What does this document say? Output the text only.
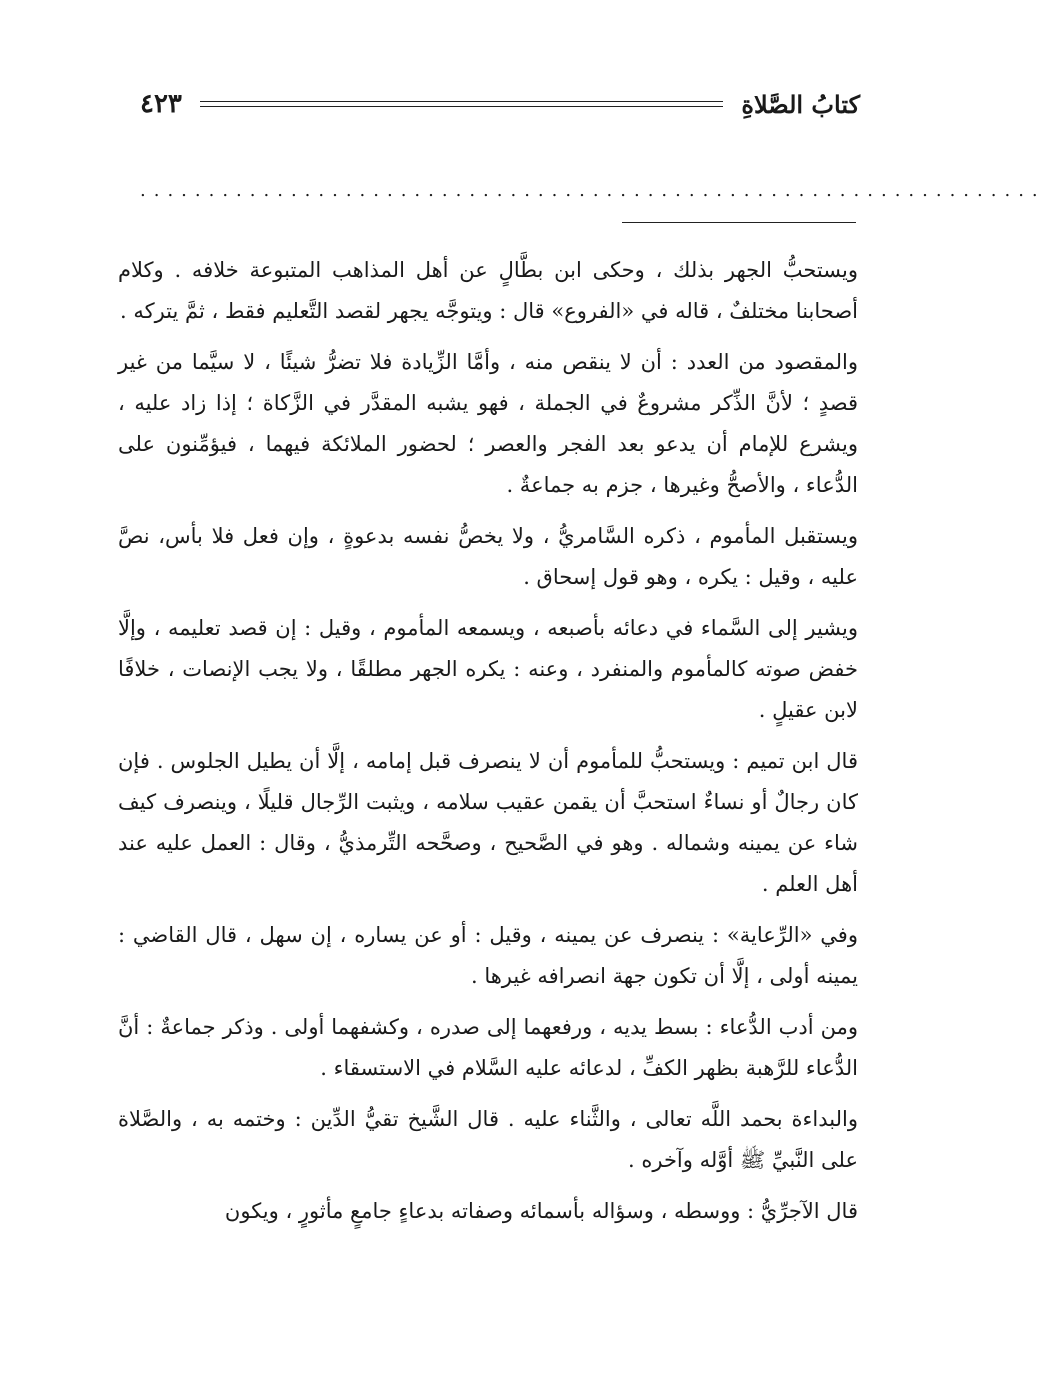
كتابُ الصَّلاةِ
٤٢٣
..................................................................

ويستحبُّ الجهر بذلك ، وحكى ابن بطَّالٍ عن أهل المذاهب المتبوعة خلافه . وكلام أصحابنا مختلفٌ ، قاله في «الفروع» قال : ويتوجَّه يجهر لقصد التَّعليم فقط ، ثمَّ يتركه .

والمقصود من العدد : أن لا ينقص منه ، وأمَّا الزِّيادة فلا تضرُّ شيئًا ، لا سيَّما من غير قصدٍ ؛ لأنَّ الذِّكر مشروعٌ في الجملة ، فهو يشبه المقدَّر في الزَّكاة ؛ إذا زاد عليه ، ويشرع للإمام أن يدعو بعد الفجر والعصر ؛ لحضور الملائكة فيهما ، فيؤمِّنون على الدُّعاء ، والأصحُّ وغيرها ، جزم به جماعةٌ .

ويستقبل المأموم ، ذكره السَّامريُّ ، ولا يخصُّ نفسه بدعوةٍ ، وإن فعل فلا بأس، نصَّ عليه ، وقيل : يكره ، وهو قول إسحاق .

ويشير إلى السَّماء في دعائه بأصبعه ، ويسمعه المأموم ، وقيل : إن قصد تعليمه ، وإلَّا خفض صوته كالمأموم والمنفرد ، وعنه : يكره الجهر مطلقًا ، ولا يجب الإنصات ، خلافًا لابن عقيلٍ .

قال ابن تميم : ويستحبُّ للمأموم أن لا ينصرف قبل إمامه ، إلَّا أن يطيل الجلوس . فإن كان رجالٌ أو نساءٌ استحبَّ أن يقمن عقيب سلامه ، ويثبت الرِّجال قليلًا ، وينصرف كيف شاء عن يمينه وشماله . وهو في الصَّحيح ، وصحَّحه التِّرمذيُّ ، وقال : العمل عليه عند أهل العلم .

وفي «الرِّعاية» : ينصرف عن يمينه ، وقيل : أو عن يساره ، إن سهل ، قال القاضي : يمينه أولى ، إلَّا أن تكون جهة انصرافه غيرها .

ومن أدب الدُّعاء : بسط يديه ، ورفعهما إلى صدره ، وكشفهما أولى . وذكر جماعةٌ : أنَّ الدُّعاء للرَّهبة بظهر الكفِّ ، لدعائه عليه السَّلام في الاستسقاء .

والبداءة بحمد اللَّه تعالى ، والثَّناء عليه . قال الشَّيخ تقيُّ الدِّين : وختمه به ، والصَّلاة على النَّبيِّ ﷺ أوَّله وآخره .

قال الآجرِّيُّ : ووسطه ، وسؤاله بأسمائه وصفاته بدعاءٍ جامعٍ مأثورٍ ، ويكون
